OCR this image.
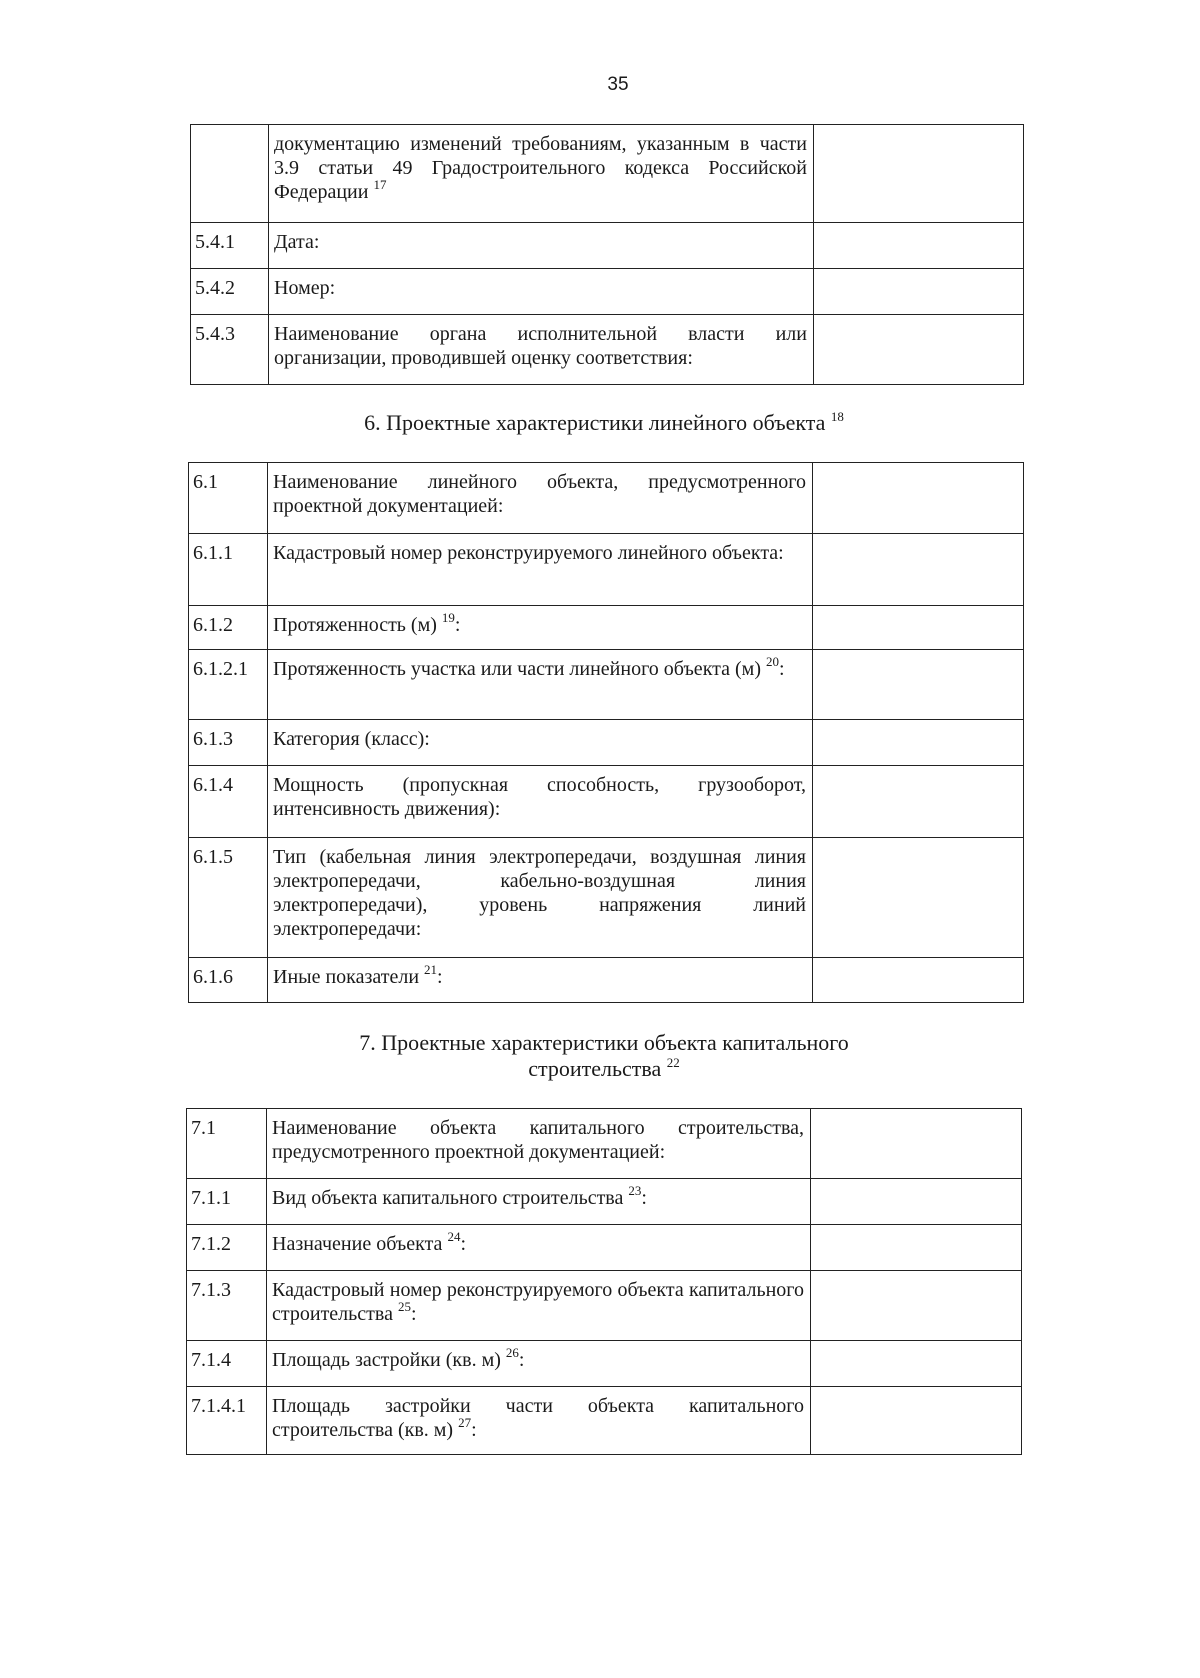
35
	документацию изменений требованиям, указанным в части 3.9 статьи 49 Градостроительного кодекса Российской Федерации $^{17}$	
5.4.1	Дата:	
5.4.2	Номер:	
5.4.3	Наименование органа исполнительной власти или организации, проводившей оценку соответствия:	
6. Проектные характеристики линейного объекта $^{18}$
6.1	Наименование линейного объекта, предусмотренного проектной документацией:	
6.1.1	Кадастровый номер реконструируемого линейного объекта:	
6.1.2	Протяженность (м) $^{19}$:	
6.1.2.1	Протяженность участка или части линейного объекта (м) $^{20}$:	
6.1.3	Категория (класс):	
6.1.4	Мощность (пропускная способность, грузооборот, интенсивность движения):	
6.1.5	Тип (кабельная линия электропередачи, воздушная линия электропередачи, кабельно-воздушная линия электропередачи), уровень напряжения линий электропередачи:	
6.1.6	Иные показатели $^{21}$:	
7. Проектные характеристики объекта капитального
строительства $^{22}$
7.1	Наименование объекта капитального строительства, предусмотренного проектной документацией:	
7.1.1	Вид объекта капитального строительства $^{23}$:	
7.1.2	Назначение объекта $^{24}$:	
7.1.3	Кадастровый номер реконструируемого объекта капитального строительства $^{25}$:	
7.1.4	Площадь застройки (кв. м) $^{26}$:	
7.1.4.1	Площадь застройки части объекта капитального строительства (кв. м) $^{27}$:	
